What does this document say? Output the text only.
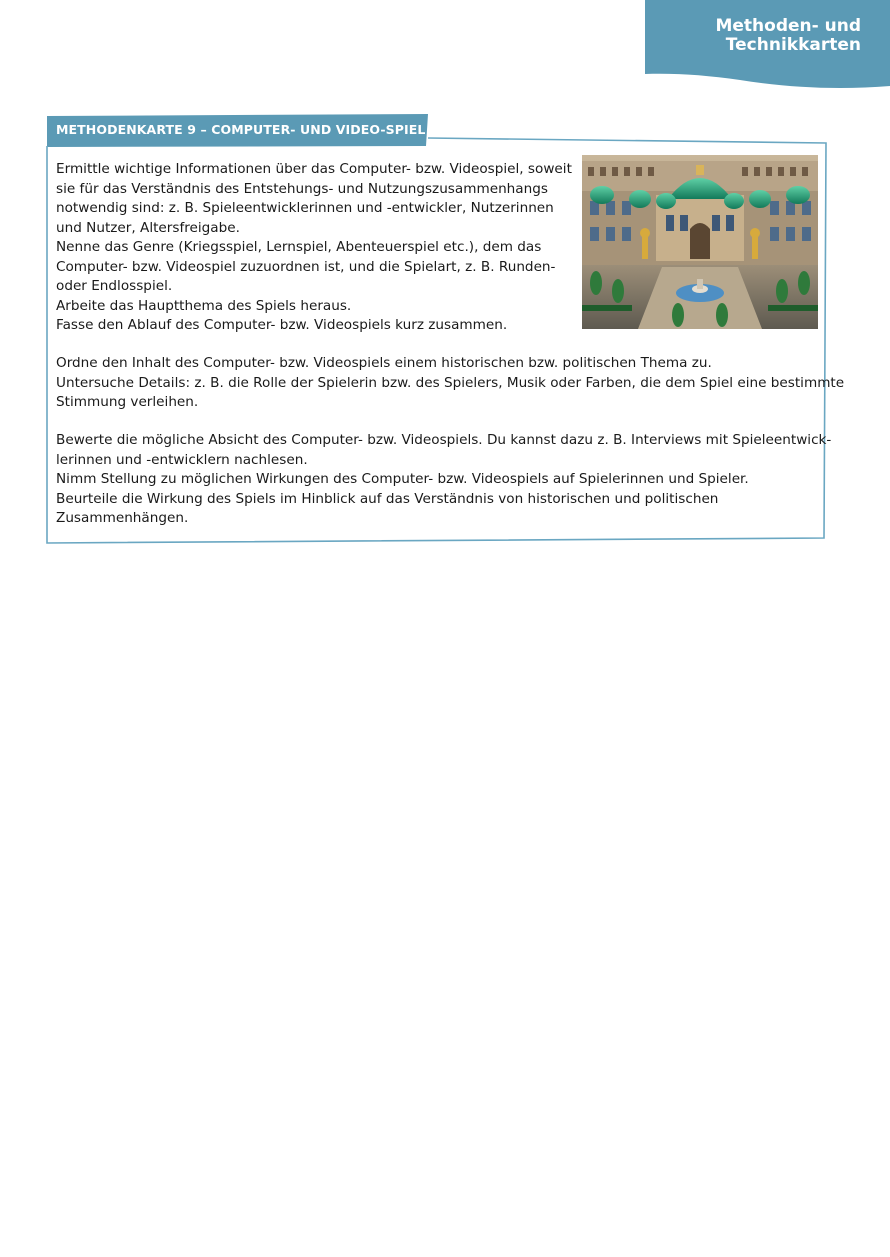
Methoden- und
Technikkarten
METHODENKARTE 9 – COMPUTER- UND VIDEO-SPIEL
Ermittle wichtige Informationen über das Computer- bzw. Videospiel, soweit
sie für das Verständnis des Entstehungs- und Nutzungszusammenhangs
notwendig sind: z. B. Spieleentwicklerinnen und -entwickler, Nutzerinnen
und Nutzer, Altersfreigabe.
Nenne das Genre (Kriegsspiel, Lernspiel, Abenteuerspiel etc.), dem das
Computer- bzw. Videospiel zuzuordnen ist, und die Spielart, z. B. Runden-
oder Endlosspiel.
Arbeite das Hauptthema des Spiels heraus.
Fasse den Ablauf des Computer- bzw. Videospiels kurz zusammen.
Ordne den Inhalt des Computer- bzw. Videospiels einem historischen bzw. politischen Thema zu.
Untersuche Details: z. B. die Rolle der Spielerin bzw. des Spielers, Musik oder Farben, die dem Spiel eine bestimmte
Stimmung verleihen.
Bewerte die mögliche Absicht des Computer- bzw. Videospiels. Du kannst dazu z. B. Interviews mit Spieleentwick-
lerinnen und -entwicklern nachlesen.
Nimm Stellung zu möglichen Wirkungen des Computer- bzw. Videospiels auf Spielerinnen und Spieler.
Beurteile die Wirkung des Spiels im Hinblick auf das Verständnis von historischen und politischen
Zusammenhängen.
